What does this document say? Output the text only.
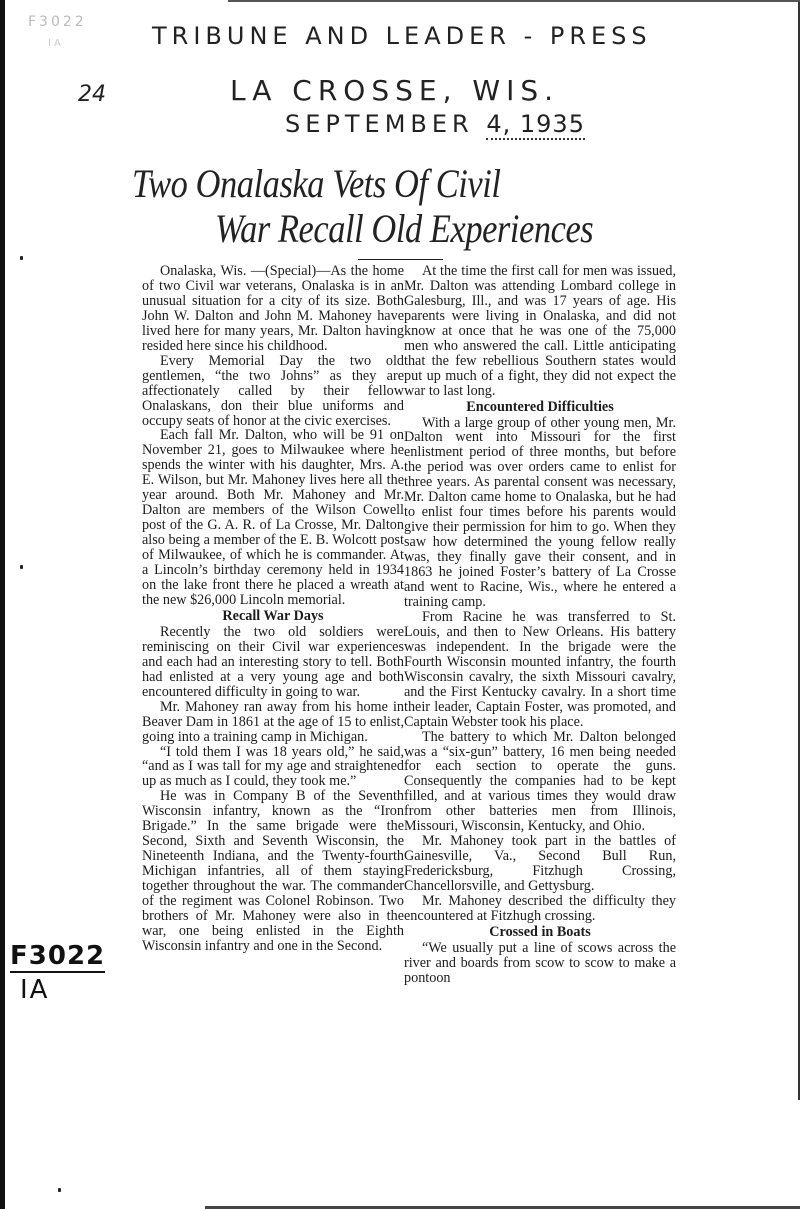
F3022
IA	TRIBUNE AND LEADER - PRESS
24	LA CROSSE, WIS.
SEPTEMBER 4, 1935
Two Onalaska Vets Of Civil
War Recall Old Experiences

Onalaska, Wis. —(Special)—As the home of two Civil war veterans, Onalaska is in an unusual situation for a city of its size. Both John W. Dalton and John M. Mahoney have lived here for many years, Mr. Dalton having resided here since his childhood.

Every Memorial Day the two old gentlemen, “the two Johns” as they are affectionately called by their fellow Onalaskans, don their blue uniforms and occupy seats of honor at the civic exercises.

Each fall Mr. Dalton, who will be 91 on November 21, goes to Milwaukee where he spends the winter with his daughter, Mrs. A. E. Wilson, but Mr. Mahoney lives here all the year around. Both Mr. Mahoney and Mr. Dalton are members of the Wilson Cowell post of the G. A. R. of La Crosse, Mr. Dalton also being a member of the E. B. Wolcott post of Milwaukee, of which he is commander. At a Lincoln’s birthday ceremony held in 1934 on the lake front there he placed a wreath at the new $26,000 Lincoln memorial.

Recall War Days

Recently the two old soldiers were reminiscing on their Civil war experiences and each had an interesting story to tell. Both had enlisted at a very young age and both encountered difficulty in going to war.

Mr. Mahoney ran away from his home in Beaver Dam in 1861 at the age of 15 to enlist, going into a training camp in Michigan.

“I told them I was 18 years old,” he said, “and as I was tall for my age and straightened up as much as I could, they took me.”

He was in Company B of the Seventh Wisconsin infantry, known as the “Iron Brigade.” In the same brigade were the Second, Sixth and Seventh Wisconsin, the Nineteenth Indiana, and the Twenty-fourth Michigan infantries, all of them staying together throughout the war. The commander of the regiment was Colonel Robinson. Two brothers of Mr. Mahoney were also in the war, one being enlisted in the Eighth Wisconsin infantry and one in the Second.

At the time the first call for men was issued, Mr. Dalton was attending Lombard college in Galesburg, Ill., and was 17 years of age. His parents were living in Onalaska, and did not know at once that he was one of the 75,000 men who answered the call. Little anticipating that the few rebellious Southern states would put up much of a fight, they did not expect the war to last long.

Encountered Difficulties

With a large group of other young men, Mr. Dalton went into Missouri for the first enlistment period of three months, but before the period was over orders came to enlist for three years. As parental consent was necessary, Mr. Dalton came home to Onalaska, but he had to enlist four times before his parents would give their permission for him to go. When they saw how determined the young fellow really was, they finally gave their consent, and in 1863 he joined Foster’s battery of La Crosse and went to Racine, Wis., where he entered a training camp.

From Racine he was transferred to St. Louis, and then to New Orleans. His battery was independent. In the brigade were the Fourth Wisconsin mounted infantry, the fourth Wisconsin cavalry, the sixth Missouri cavalry, and the First Kentucky cavalry. In a short time their leader, Captain Foster, was promoted, and Captain Webster took his place.

The battery to which Mr. Dalton belonged was a “six-gun” battery, 16 men being needed for each section to operate the guns. Consequently the companies had to be kept filled, and at various times they would draw from other batteries men from Illinois, Missouri, Wisconsin, Kentucky, and Ohio.

Mr. Mahoney took part in the battles of Gainesville, Va., Second Bull Run, Fredericksburg, Fitzhugh Crossing, Chancellorsville, and Gettysburg.

Mr. Mahoney described the difficulty they encountered at Fitzhugh crossing.

Crossed in Boats

“We usually put a line of scows across the river and boards from scow to scow to make a pontoon

F3022
IA
